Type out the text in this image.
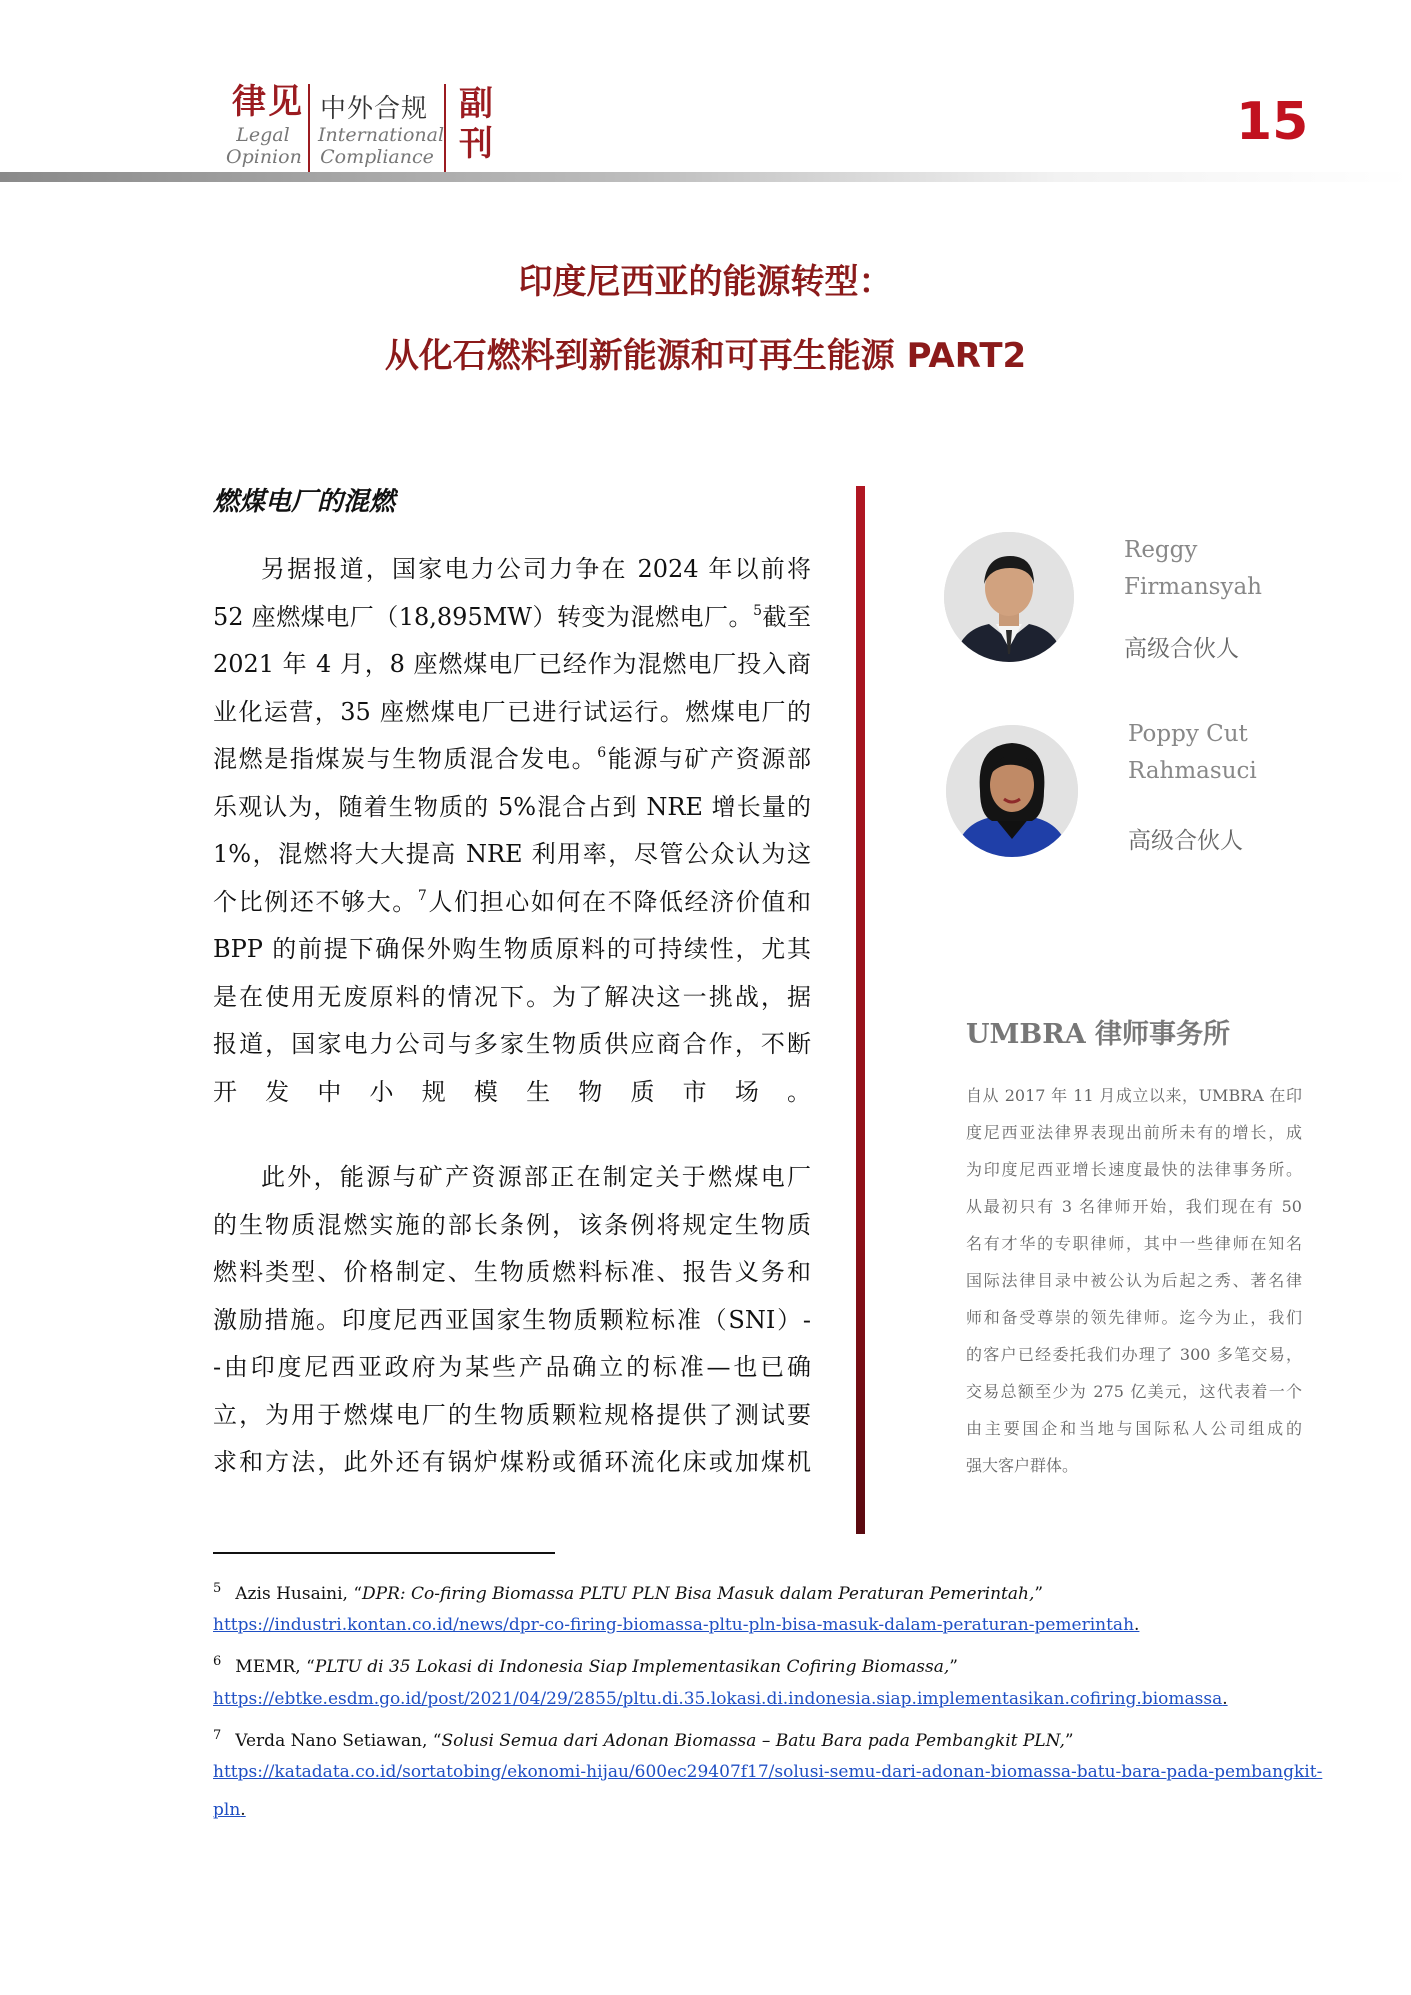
律见
Legal
Opinion
中外合规
International
Compliance
副
刊	15
印度尼西亚的能源转型：
从化石燃料到新能源和可再生能源 PART2
燃煤电厂的混燃
另据报道，国家电力公司力争在 2024 年以前将
52 座燃煤电厂（18,895MW）转变为混燃电厂。$^5$截至
2021 年 4 月，8 座燃煤电厂已经作为混燃电厂投入商
业化运营，35 座燃煤电厂已进行试运行。燃煤电厂的
混燃是指煤炭与生物质混合发电。$^6$能源与矿产资源部
乐观认为，随着生物质的 5%混合占到 NRE 增长量的
1%，混燃将大大提高 NRE 利用率，尽管公众认为这
个比例还不够大。$^7$人们担心如何在不降低经济价值和
BPP 的前提下确保外购生物质原料的可持续性，尤其
是在使用无废原料的情况下。为了解决这一挑战，据
报道，国家电力公司与多家生物质供应商合作，不断
开发中小规模生物质市场。
此外，能源与矿产资源部正在制定关于燃煤电厂
的生物质混燃实施的部长条例，该条例将规定生物质
燃料类型、价格制定、生物质燃料标准、报告义务和
激励措施。印度尼西亚国家生物质颗粒标准（SNI）-
-由印度尼西亚政府为某些产品确立的标准—也已确
立，为用于燃煤电厂的生物质颗粒规格提供了测试要
求和方法，此外还有锅炉煤粉或循环流化床或加煤机
Reggy
Firmansyah
高级合伙人
Poppy Cut
Rahmasuci
高级合伙人
UMBRA 律师事务所
自从 2017 年 11 月成立以来，UMBRA 在印
度尼西亚法律界表现出前所未有的增长，成
为印度尼西亚增长速度最快的法律事务所。
从最初只有 3 名律师开始，我们现在有 50
名有才华的专职律师，其中一些律师在知名
国际法律目录中被公认为后起之秀、著名律
师和备受尊崇的领先律师。迄今为止，我们
的客户已经委托我们办理了 300 多笔交易，
交易总额至少为 275 亿美元，这代表着一个
由主要国企和当地与国际私人公司组成的
强大客户群体。
$^5$ Azis Husaini, “DPR: Co-firing Biomassa PLTU PLN Bisa Masuk dalam Peraturan Pemerintah,”
https://industri.kontan.co.id/news/dpr-co-firing-biomassa-pltu-pln-bisa-masuk-dalam-peraturan-pemerintah.
$^6$ MEMR, “PLTU di 35 Lokasi di Indonesia Siap Implementasikan Cofiring Biomassa,”
https://ebtke.esdm.go.id/post/2021/04/29/2855/pltu.di.35.lokasi.di.indonesia.siap.implementasikan.cofiring.biomassa.
$^7$ Verda Nano Setiawan, “Solusi Semua dari Adonan Biomassa – Batu Bara pada Pembangkit PLN,”
https://katadata.co.id/sortatobing/ekonomi-hijau/600ec29407f17/solusi-semu-dari-adonan-biomassa-batu-bara-pada-pembangkit-
pln.
